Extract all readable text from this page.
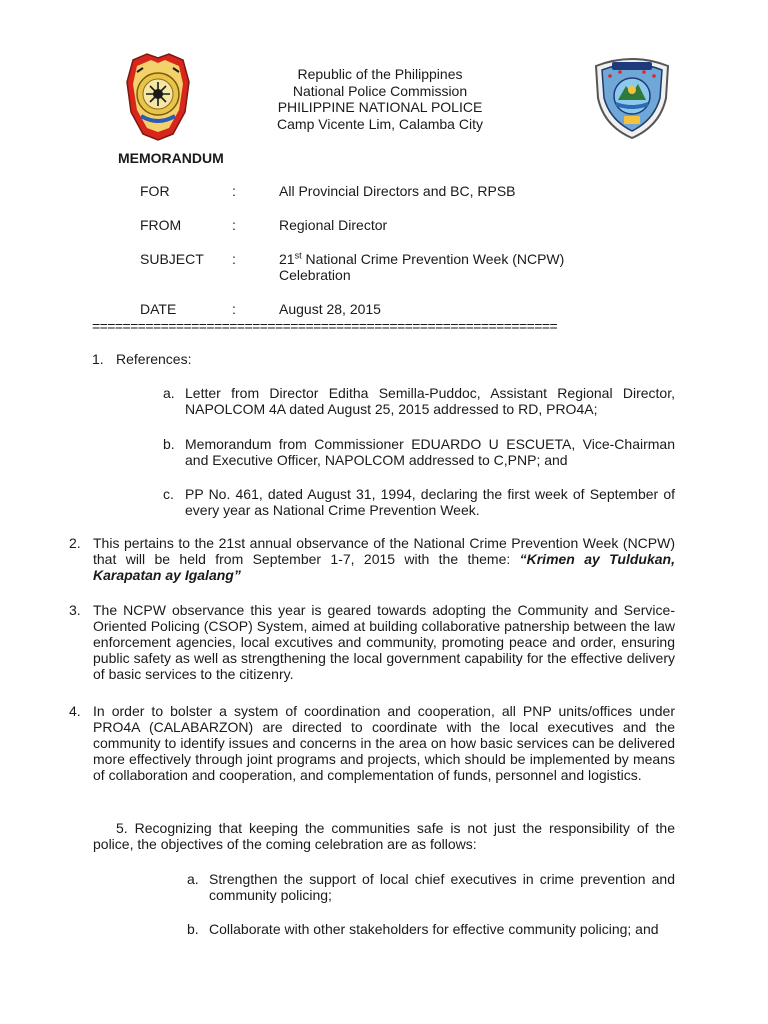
Republic of the Philippines
National Police Commission
PHILIPPINE NATIONAL POLICE
Camp Vicente Lim, Calamba City
MEMORANDUM
FOR	:	All Provincial Directors and BC, RPSB
FROM	:	Regional Director
SUBJECT :	21st National Crime Prevention Week (NCPW)
Celebration
DATE	:	August 28, 2015
=============================================================
1. References:
a. Letter from Director Editha Semilla-Puddoc, Assistant Regional Director, NAPOLCOM 4A dated August 25, 2015 addressed to RD, PRO4A;
b. Memorandum from Commissioner EDUARDO U ESCUETA, Vice-Chairman and Executive Officer, NAPOLCOM addressed to C,PNP; and
c. PP No. 461, dated August 31, 1994, declaring the first week of September of every year as National Crime Prevention Week.
2. This pertains to the 21st annual observance of the National Crime Prevention Week (NCPW) that will be held from September 1-7, 2015 with the theme: “Krimen ay Tuldukan, Karapatan ay Igalang”
3. The NCPW observance this year is geared towards adopting the Community and Service-Oriented Policing (CSOP) System, aimed at building collaborative patnership between the law enforcement agencies, local excutives and community, promoting peace and order, ensuring public safety as well as strengthening the local government capability for the effective delivery of basic services to the citizenry.
4. In order to bolster a system of coordination and cooperation, all PNP units/offices under PRO4A (CALABARZON) are directed to coordinate with the local executives and the community to identify issues and concerns in the area on how basic services can be delivered more effectively through joint programs and projects, which should be implemented by means of collaboration and cooperation, and complementation of funds, personnel and logistics.
5. Recognizing that keeping the communities safe is not just the responsibility of the police, the objectives of the coming celebration are as follows:
a. Strengthen the support of local chief executives in crime prevention and community policing;
b. Collaborate with other stakeholders for effective community policing; and
